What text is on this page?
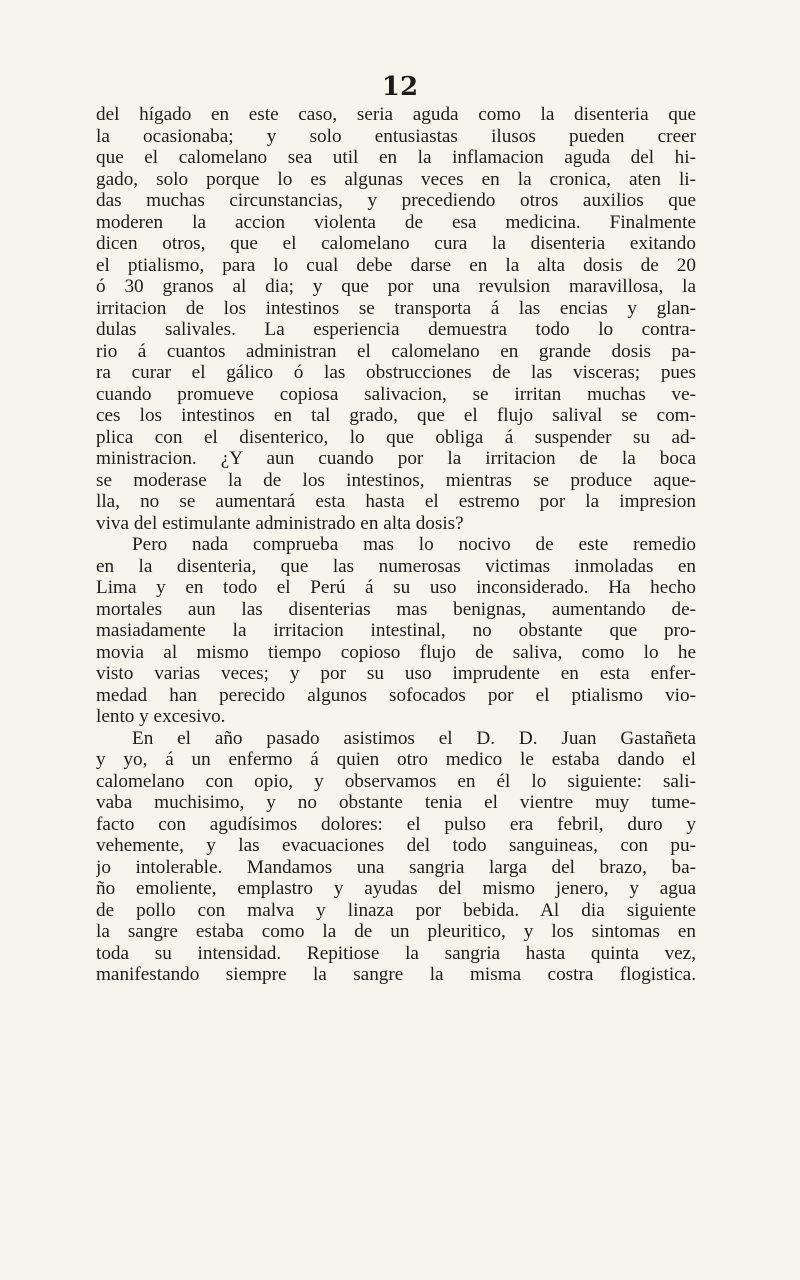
12
del hígado en este caso, seria aguda como la disenteria que
la ocasionaba; y solo entusiastas ilusos pueden creer
que el calomelano sea util en la inflamacion aguda del hi-
gado, solo porque lo es algunas veces en la cronica, aten li-
das muchas circunstancias, y precediendo otros auxilios que
moderen la accion violenta de esa medicina. Finalmente
dicen otros, que el calomelano cura la disenteria exitando
el ptialismo, para lo cual debe darse en la alta dosis de 20
ó 30 granos al dia; y que por una revulsion maravillosa, la
irritacion de los intestinos se transporta á las encias y glan-
dulas salivales. La esperiencia demuestra todo lo contra-
rio á cuantos administran el calomelano en grande dosis pa-
ra curar el gálico ó las obstrucciones de las visceras; pues
cuando promueve copiosa salivacion, se irritan muchas ve-
ces los intestinos en tal grado, que el flujo salival se com-
plica con el disenterico, lo que obliga á suspender su ad-
ministracion. ¿Y aun cuando por la irritacion de la boca
se moderase la de los intestinos, mientras se produce aque-
lla, no se aumentará esta hasta el estremo por la impresion
viva del estimulante administrado en alta dosis?
Pero nada comprueba mas lo nocivo de este remedio
en la disenteria, que las numerosas victimas inmoladas en
Lima y en todo el Perú á su uso inconsiderado. Ha hecho
mortales aun las disenterias mas benignas, aumentando de-
masiadamente la irritacion intestinal, no obstante que pro-
movia al mismo tiempo copioso flujo de saliva, como lo he
visto varias veces; y por su uso imprudente en esta enfer-
medad han perecido algunos sofocados por el ptialismo vio-
lento y excesivo.
En el año pasado asistimos el D. D. Juan Gastañeta
y yo, á un enfermo á quien otro medico le estaba dando el
calomelano con opio, y observamos en él lo siguiente: sali-
vaba muchisimo, y no obstante tenia el vientre muy tume-
facto con agudísimos dolores: el pulso era febril, duro y
vehemente, y las evacuaciones del todo sanguineas, con pu-
jo intolerable. Mandamos una sangria larga del brazo, ba-
ño emoliente, emplastro y ayudas del mismo jenero, y agua
de pollo con malva y linaza por bebida. Al dia siguiente
la sangre estaba como la de un pleuritico, y los sintomas en
toda su intensidad. Repitiose la sangria hasta quinta vez,
manifestando siempre la sangre la misma costra flogistica.
